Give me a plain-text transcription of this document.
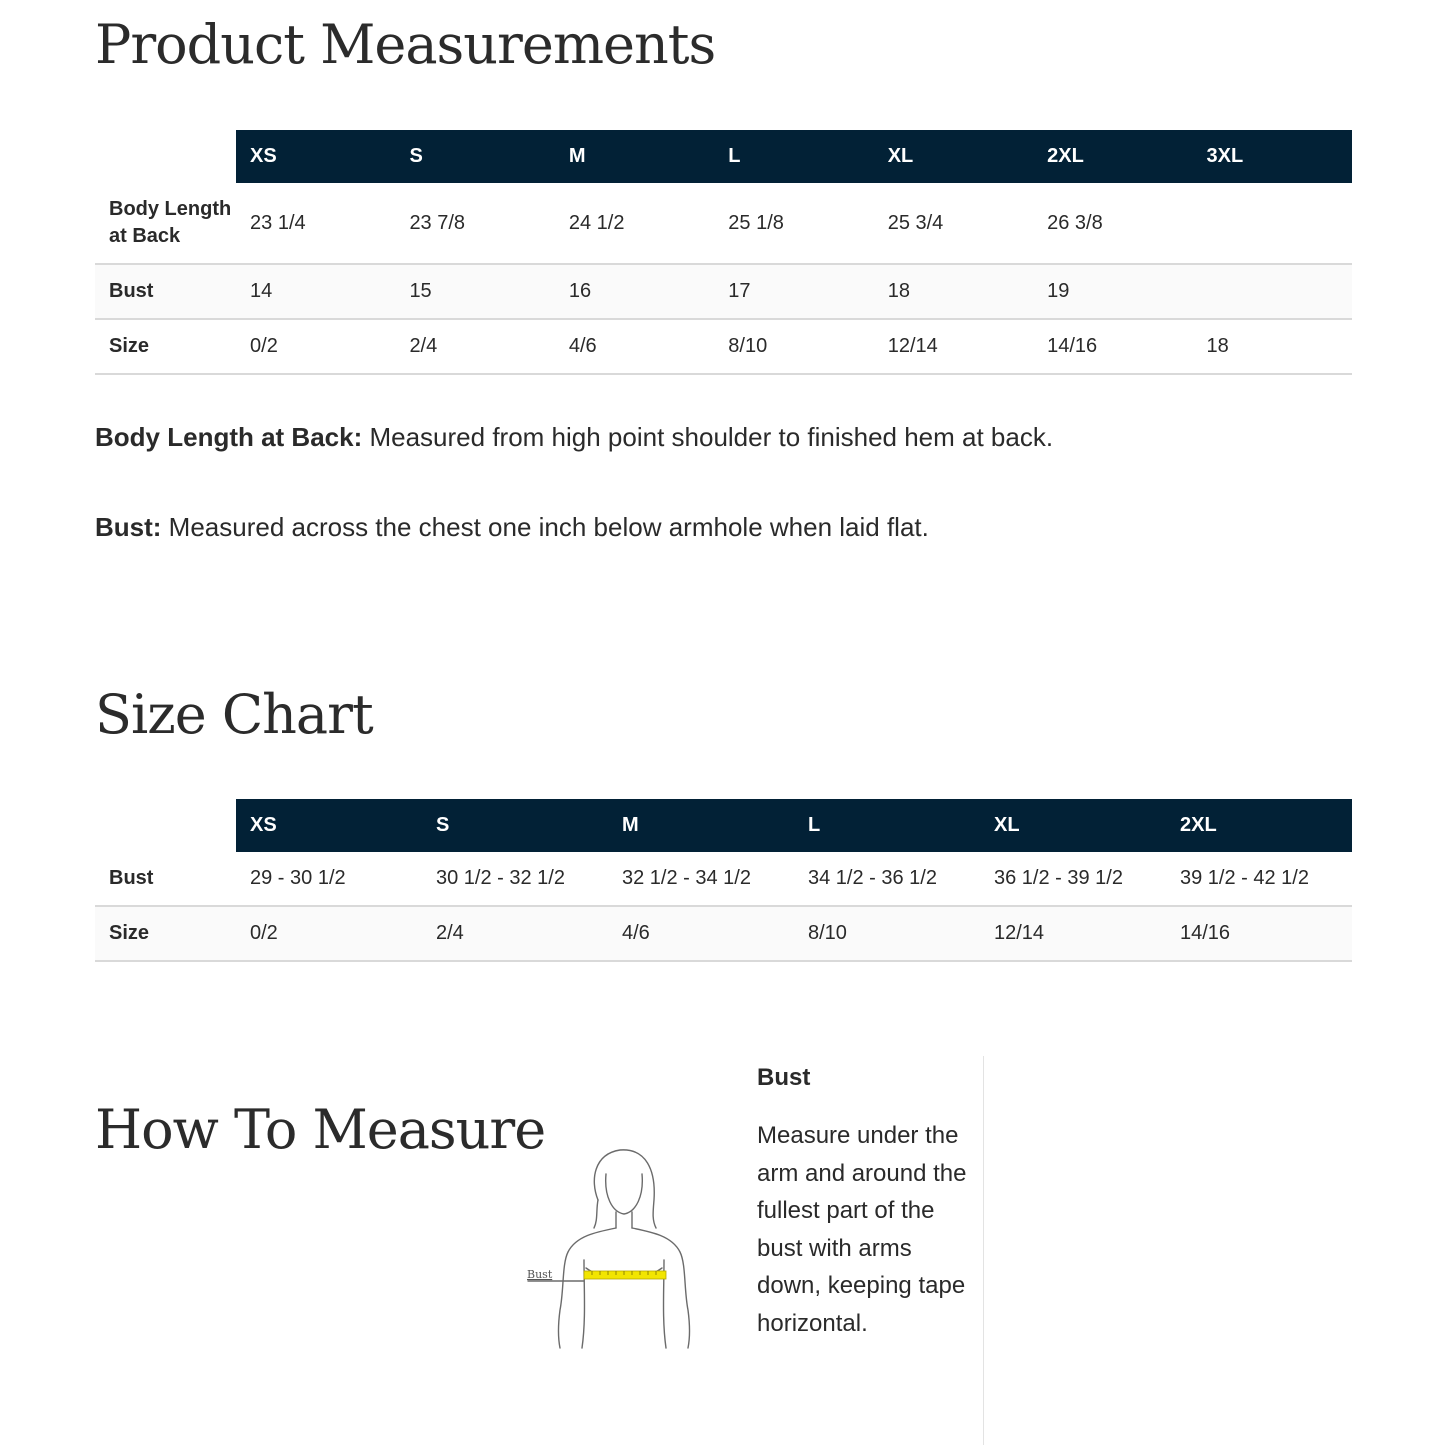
Product Measurements
	XS	S	M	L	XL	2XL	3XL
Body Length at Back	23 1/4	23 7/8	24 1/2	25 1/8	25 3/4	26 3/8	
Bust	14	15	16	17	18	19	
Size	0/2	2/4	4/6	8/10	12/14	14/16	18

Body Length at Back: Measured from high point shoulder to finished hem at back.

Bust: Measured across the chest one inch below armhole when laid flat.

Size Chart
	XS	S	M	L	XL	2XL
Bust	29 - 30 1/2	30 1/2 - 32 1/2	32 1/2 - 34 1/2	34 1/2 - 36 1/2	36 1/2 - 39 1/2	39 1/2 - 42 1/2
Size	0/2	2/4	4/6	8/10	12/14	14/16
How To Measure
Bust
Bust

Measure under the arm and around the fullest part of the bust with arms down, keeping tape horizontal.
